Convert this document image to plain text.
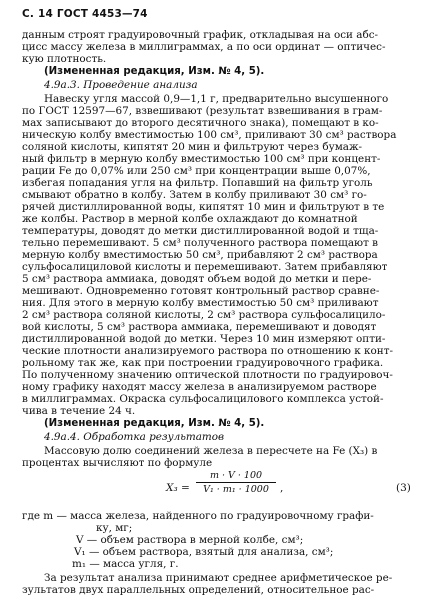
С. 14 ГОСТ 4453—74
данным строят градуировочный график, откладывая на оси абс-
цисс массу железа в миллиграммах, а по оси ординат — оптичес-
кую плотность.
(Измененная редакция, Изм. № 4, 5).
4.9а.3. Проведение анализа
Навеску угля массой 0,9—1,1 г, предварительно высушенного
по ГОСТ 12597—67, взвешивают (результат взвешивания в грам-
мах записывают до второго десятичного знака), помещают в ко-
ническую колбу вместимостью 100 см³, приливают 30 см³ раствора
соляной кислоты, кипятят 20 мин и фильтруют через бумаж-
ный фильтр в мерную колбу вместимостью 100 см³ при концент-
рации Fe до 0,07% или 250 см³ при концентрации выше 0,07%,
избегая попадания угля на фильтр. Попавший на фильтр уголь
смывают обратно в колбу. Затем в колбу приливают 30 см³ го-
рячей дистиллированной воды, кипятят 10 мин и фильтруют в те
же колбы. Раствор в мерной колбе охлаждают до комнатной
температуры, доводят до метки дистиллированной водой и тща-
тельно перемешивают. 5 см³ полученного раствора помещают в
мерную колбу вместимостью 50 см³, прибавляют 2 см³ раствора
сульфосалициловой кислоты и перемешивают. Затем прибавляют
5 см³ раствора аммиака, доводят объем водой до метки и пере-
мешивают. Одновременно готовят контрольный раствор сравне-
ния. Для этого в мерную колбу вместимостью 50 см³ приливают
2 см³ раствора соляной кислоты, 2 см³ раствора сульфосалицило-
вой кислоты, 5 см³ раствора аммиака, перемешивают и доводят
дистиллированной водой до метки. Через 10 мин измеряют опти-
ческие плотности анализируемого раствора по отношению к конт-
рольному так же, как при построении градуировочного графика.
По полученному значению оптической плотности по градуировоч-
ному графику находят массу железа в анализируемом растворе
в миллиграммах. Окраска сульфосалицилового комплекса устой-
чива в течение 24 ч.
(Измененная редакция, Изм. № 4, 5).
4.9а.4. Обработка результатов
Массовую долю соединений железа в пересчете на Fe (X₃) в
процентах вычисляют по формуле
$X_3 = \frac{m \cdot V \cdot 100}{\text{V₁ · m₁ · 1000}}$ ,	(3)
где m — масса железа, найденного по градуировочному графи-
ку, мг;
V — объем раствора в мерной колбе, см³;
V₁ — объем раствора, взятый для анализа, см³;
m₁ — масса угля, г.
За результат анализа принимают среднее арифметическое ре-
зультатов двух параллельных определений, относительное рас-
